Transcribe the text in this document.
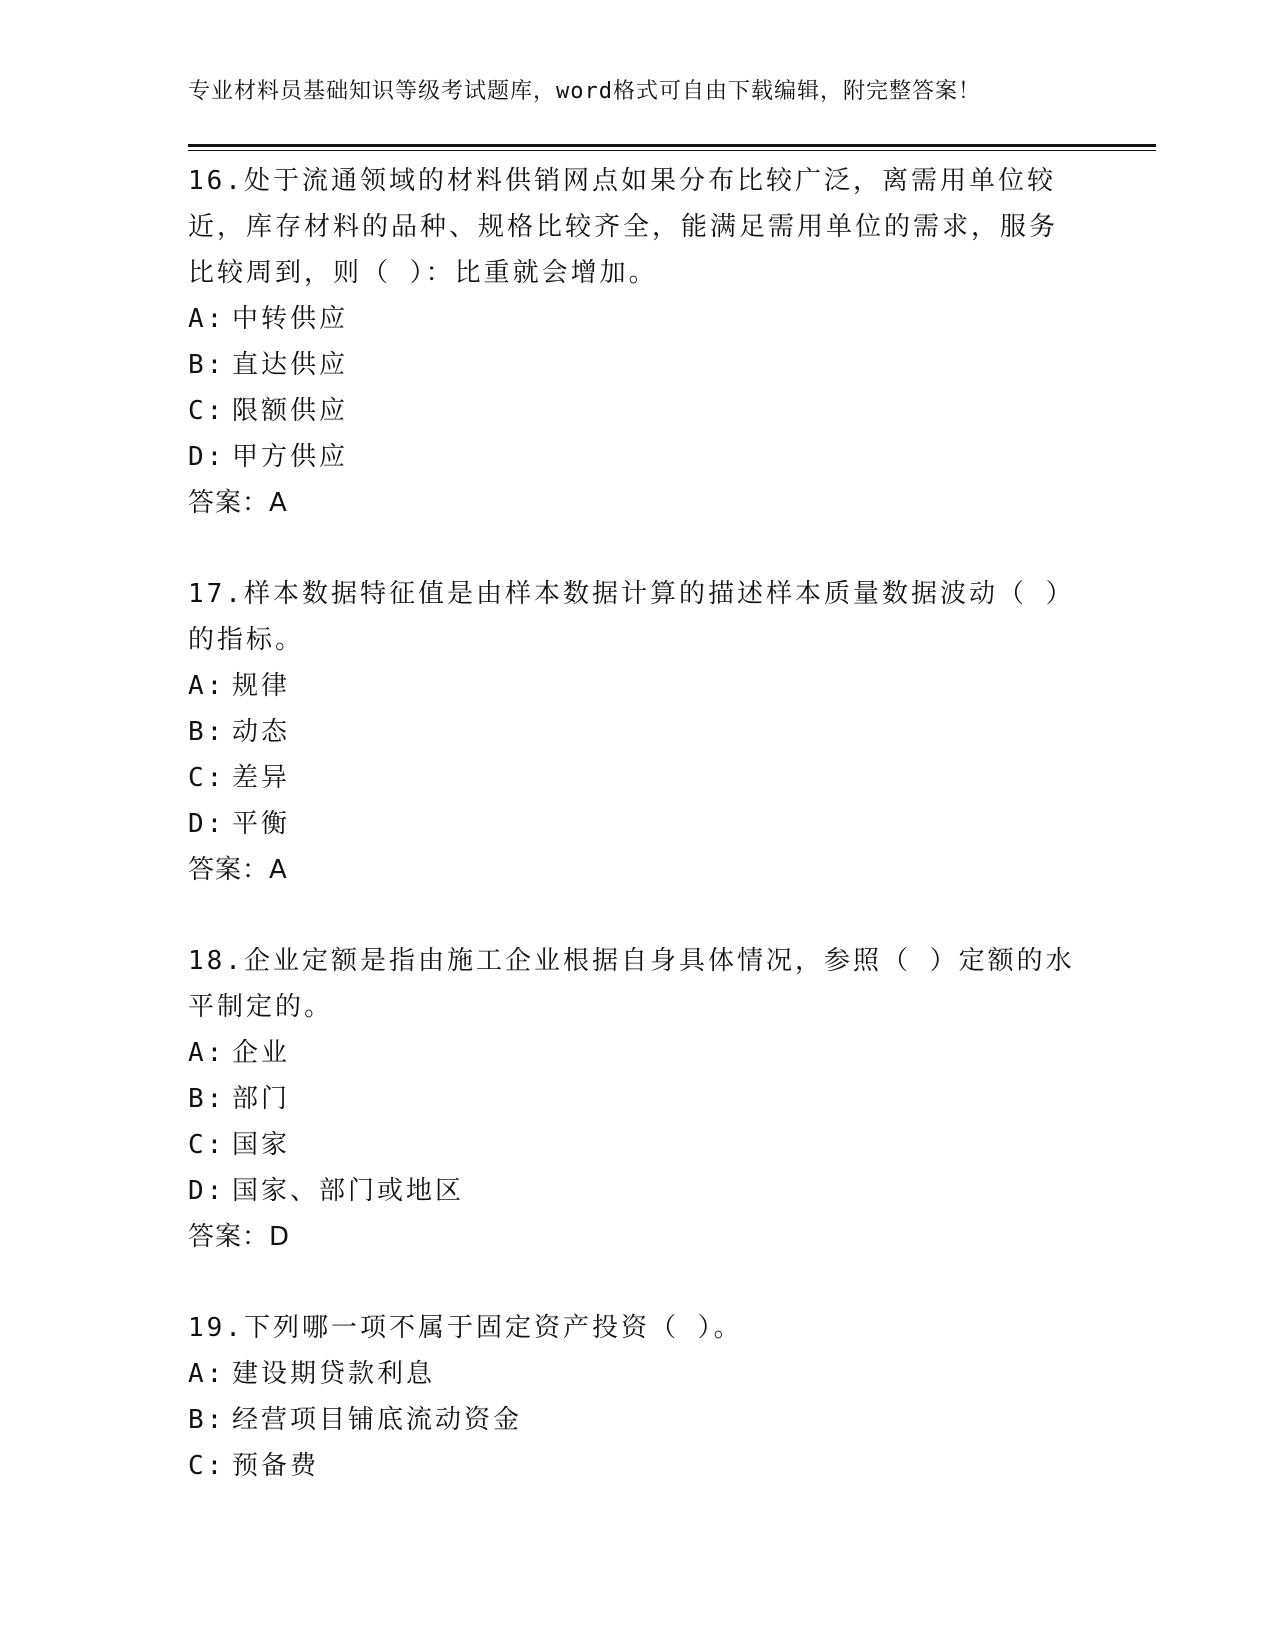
专业材料员基础知识等级考试题库，word格式可自由下载编辑，附完整答案！

16.处于流通领域的材料供销网点如果分布比较广泛，离需用单位较近，库存材料的品种、规格比较齐全，能满足需用单位的需求，服务比较周到，则（ ）：比重就会增加。

A: 中转供应

B: 直达供应

C: 限额供应

D: 甲方供应

答案：A

17.样本数据特征值是由样本数据计算的描述样本质量数据波动（ ）的指标。

A: 规律

B: 动态

C: 差异

D: 平衡

答案：A

18.企业定额是指由施工企业根据自身具体情况，参照（ ）定额的水平制定的。

A: 企业

B: 部门

C: 国家

D: 国家、部门或地区

答案：D

19.下列哪一项不属于固定资产投资（ ）。

A: 建设期贷款利息

B: 经营项目铺底流动资金

C: 预备费
